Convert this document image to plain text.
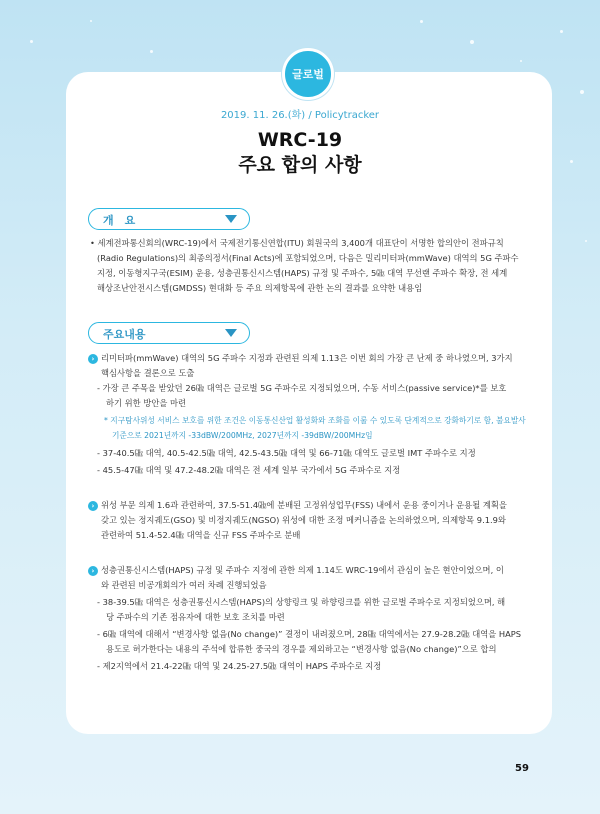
글로벌
2019. 11. 26.(화) / Policytracker
WRC-19
주요 합의 사항
개　요
• 세계전파통신회의(WRC-19)에서 국제전기통신연합(ITU) 회원국의 3,400개 대표단이 서명한 합의안이 전파규칙
(Radio Regulations)의 최종의정서(Final Acts)에 포함되었으며, 다음은 밀리미터파(mmWave) 대역의 5G 주파수
지정, 이동형지구국(ESIM) 운용, 성층권통신시스템(HAPS) 규정 및 주파수, 5㎓ 대역 무선랜 주파수 확장, 전 세계
해상조난안전시스템(GMDSS) 현대화 등 주요 의제항목에 관한 논의 결과를 요약한 내용임
주요내용
› 리미터파(mmWave) 대역의 5G 주파수 지정과 관련된 의제 1.13은 이번 회의 가장 큰 난제 중 하나였으며, 3가지
핵심사항을 결론으로 도출
- 가장 큰 주목을 받았던 26㎓ 대역은 글로벌 5G 주파수로 지정되었으며, 수동 서비스(passive service)*를 보호
하기 위한 방안을 마련
* 지구탐사위성 서비스 보호를 위한 조건은 이동통신산업 활성화와 조화를 이룰 수 있도록 단계적으로 강화하기로 함, 불요발사
기준으로 2021년까지 -33dBW/200MHz, 2027년까지 -39dBW/200MHz임
- 37-40.5㎓ 대역, 40.5-42.5㎓ 대역, 42.5-43.5㎓ 대역 및 66-71㎓ 대역도 글로벌 IMT 주파수로 지정
- 45.5-47㎓ 대역 및 47.2-48.2㎓ 대역은 전 세계 일부 국가에서 5G 주파수로 지정
› 위성 부문 의제 1.6과 관련하여, 37.5-51.4㎓에 분배된 고정위성업무(FSS) 내에서 운용 중이거나 운용될 계획을
갖고 있는 정지궤도(GSO) 및 비정지궤도(NGSO) 위성에 대한 조정 메커니즘을 논의하였으며, 의제항목 9.1.9와
관련하여 51.4-52.4㎓ 대역을 신규 FSS 주파수로 분배
› 성층권통신시스템(HAPS) 규정 및 주파수 지정에 관한 의제 1.14도 WRC-19에서 관심이 높은 현안이었으며, 이
와 관련된 비공개회의가 여러 차례 진행되었음
- 38-39.5㎓ 대역은 성층권통신시스템(HAPS)의 상향링크 및 하향링크를 위한 글로벌 주파수로 지정되었으며, 해
당 주파수의 기존 점유자에 대한 보호 조치를 마련
- 6㎓ 대역에 대해서 “변경사항 없음(No change)” 결정이 내려졌으며, 28㎓ 대역에서는 27.9-28.2㎓ 대역을 HAPS
용도로 허가한다는 내용의 주석에 합류한 중국의 경우를 제외하고는 “변경사항 없음(No change)”으로 합의
- 제2지역에서 21.4-22㎓ 대역 및 24.25-27.5㎓ 대역이 HAPS 주파수로 지정
59
